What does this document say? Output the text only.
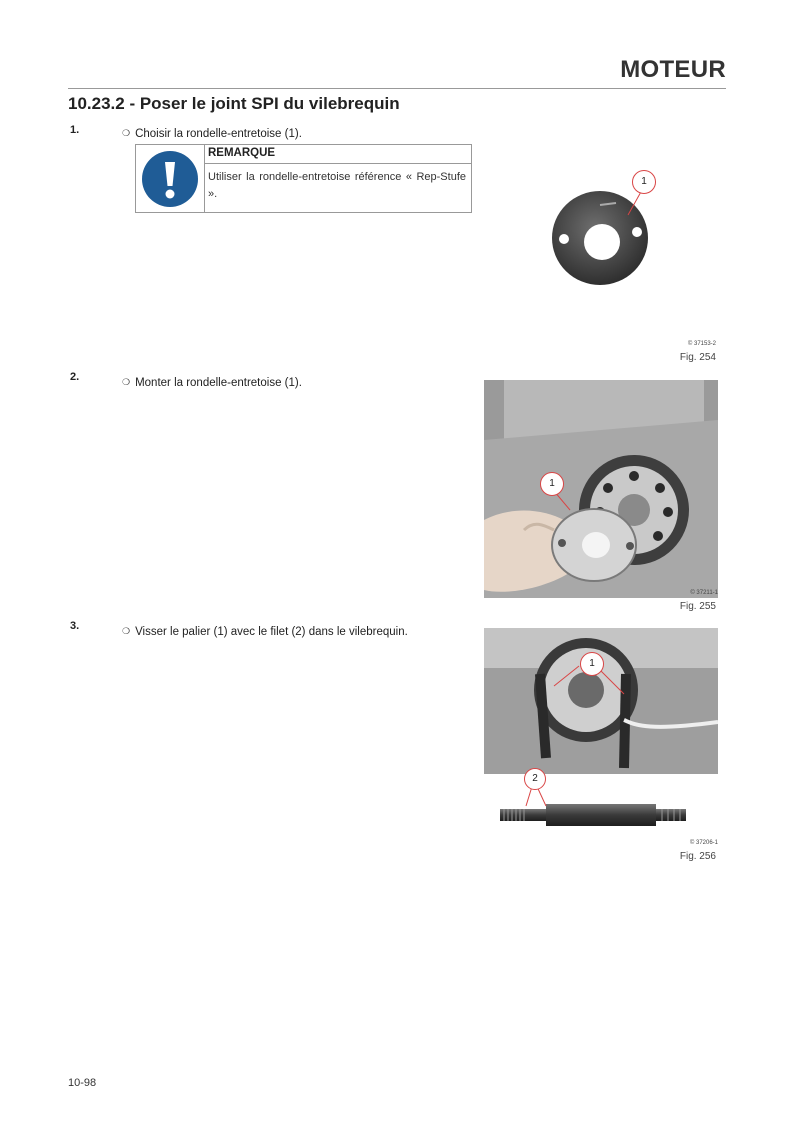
MOTEUR
10.23.2 - Poser le joint SPI du vilebrequin
1.	❍ Choisir la rondelle-entretoise (1).
REMARQUE
Utiliser la rondelle-entretoise référence « Rep-Stufe ».
1
© 37153-2
Fig. 254
2.	❍ Monter la rondelle-entretoise (1).
1
© 37211-1
Fig. 255
3.	❍ Visser le palier (1) avec le filet (2) dans le vilebrequin.
1
2
© 37206-1
Fig. 256
10-98
